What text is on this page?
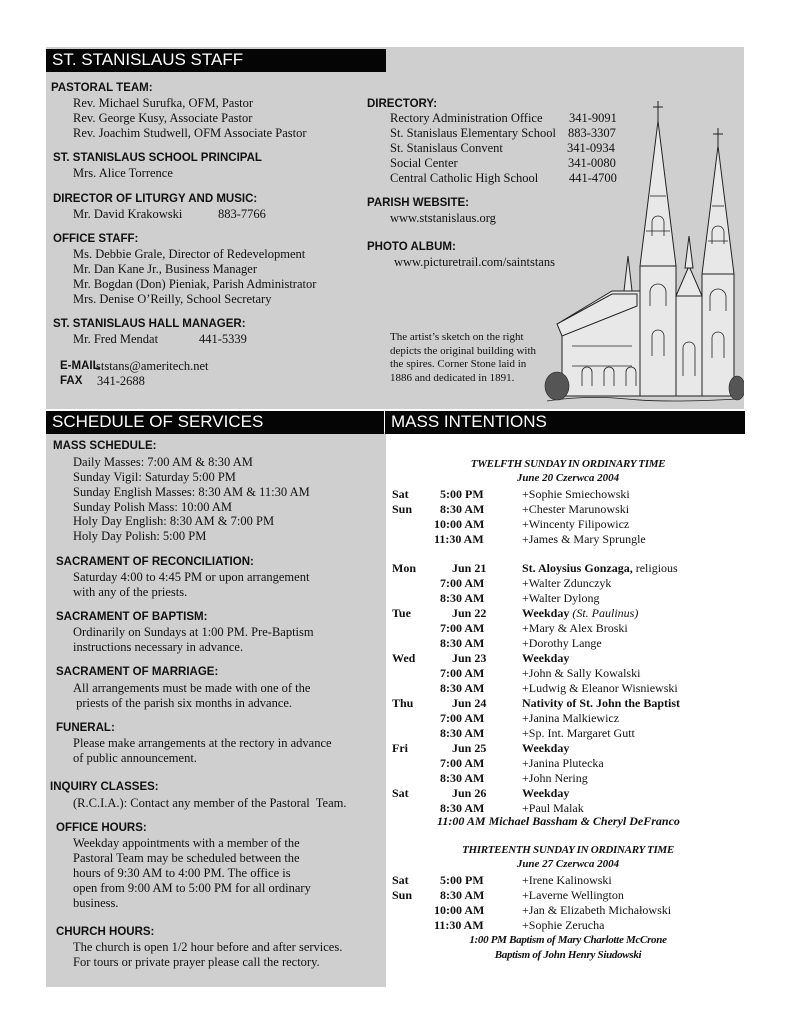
ST. STANISLAUS STAFF
SCHEDULE OF SERVICES	MASS INTENTIONS
PASTORAL TEAM:
Rev. Michael Surufka, OFM, Pastor
Rev. George Kusy, Associate Pastor
Rev. Joachim Studwell, OFM Associate Pastor
ST. STANISLAUS SCHOOL PRINCIPAL
Mrs. Alice Torrence
DIRECTOR OF LITURGY AND MUSIC:
Mr. David Krakowski	883-7766
OFFICE STAFF:
Ms. Debbie Grale, Director of Redevelopment
Mr. Dan Kane Jr., Business Manager
Mr. Bogdan (Don) Pieniak, Parish Administrator
Mrs. Denise O’Reilly, School Secretary
ST. STANISLAUS HALL MANAGER:
Mr. Fred Mendat	441-5339
E-MAIL
ststans@ameritech.net
FAX 341-2688
DIRECTORY:
Rectory Administration Office 341-9091
St. Stanislaus Elementary School 883-3307
St. Stanislaus Convent	341-0934
Social Center	341-0080
Central Catholic High School 441-4700
PARISH WEBSITE:
www.ststanislaus.org
PHOTO ALBUM:
www.picturetrail.com/saintstans
The artist’s sketch on the right depicts the original building with the spires. Corner Stone laid in 1886 and dedicated in 1891.
MASS SCHEDULE:
Daily Masses: 7:00 AM & 8:30 AM
Sunday Vigil: Saturday 5:00 PM
Sunday English Masses: 8:30 AM & 11:30 AM
Sunday Polish Mass: 10:00 AM
Holy Day English: 8:30 AM & 7:00 PM
Holy Day Polish: 5:00 PM
SACRAMENT OF RECONCILIATION:
Saturday 4:00 to 4:45 PM or upon arrangement
with any of the priests.
SACRAMENT OF BAPTISM:
Ordinarily on Sundays at 1:00 PM. Pre-Baptism
instructions necessary in advance.
SACRAMENT OF MARRIAGE:
All arrangements must be made with one of the
priests of the parish six months in advance.
FUNERAL:
Please make arrangements at the rectory in advance
of public announcement.
INQUIRY CLASSES:
(R.C.I.A.): Contact any member of the Pastoral  Team.
OFFICE HOURS:
Weekday appointments with a member of the
Pastoral Team may be scheduled between the
hours of 9:30 AM to 4:00 PM. The office is
open from 9:00 AM to 5:00 PM for all ordinary
business.
CHURCH HOURS:
The church is open 1/2 hour before and after services.
For tours or private prayer please call the rectory.
TWELFTH SUNDAY IN ORDINARY TIME
June 20 Czerwca 2004
Sat	5:00 PM	+Sophie Smiechowski
Sun 8:30 AM	+Chester Marunowski
10:00 AM	+Wincenty Filipowicz
11:30 AM	+James & Mary Sprungle
Mon	Jun 21	St. Aloysius Gonzaga, religious
7:00 AM	+Walter Zdunczyk
8:30 AM	+Walter Dylong
Tue	Jun 22	Weekday (St. Paulinus)
7:00 AM	+Mary & Alex Broski
8:30 AM	+Dorothy Lange
Wed	Jun 23	Weekday
7:00 AM	+John & Sally Kowalski
8:30 AM	+Ludwig & Eleanor Wisniewski
Thu	Jun 24	Nativity of St. John the Baptist
7:00 AM	+Janina Malkiewicz
8:30 AM	+Sp. Int. Margaret Gutt
Fri	Jun 25	Weekday
7:00 AM	+Janina Plutecka
8:30 AM	+John Nering
Sat	Jun 26	Weekday
8:30 AM	+Paul Malak
11:00 AM Michael Bassham & Cheryl DeFranco
THIRTEENTH SUNDAY IN ORDINARY TIME
June 27 Czerwca 2004
Sat	5:00 PM	+Irene Kalinowski
Sun 8:30 AM	+Laverne Wellington
10:00 AM	+Jan & Elizabeth Michałowski
11:30 AM	+Sophie Zerucha
1:00 PM Baptism of Mary Charlotte McCrone
Baptism of John Henry Siudowski
